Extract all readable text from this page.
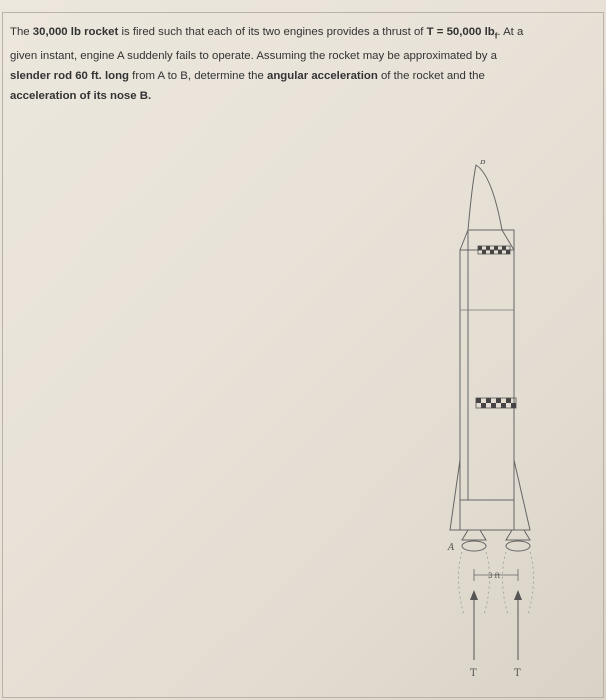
The 30,000 lb rocket is fired such that each of its two engines provides a thrust of T = 50,000 $lb_f$. At a
given instant, engine A suddenly fails to operate. Assuming the rocket may be approximated by a
slender rod 60 ft. long from A to B, determine the angular acceleration of the rocket and the
acceleration of its nose B.
B
A
3 ft
T	T
